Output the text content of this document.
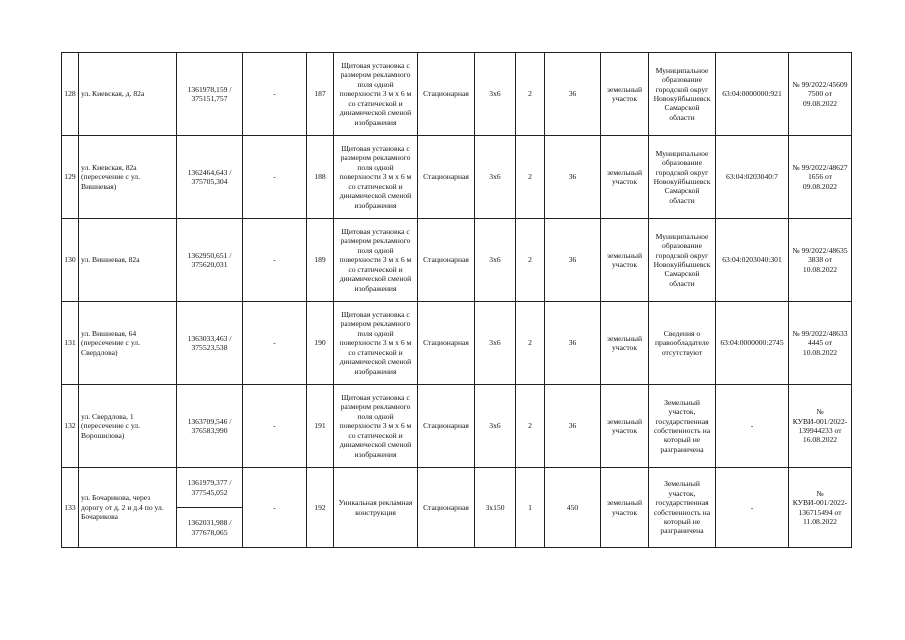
128	ул. Киевская, д. 82а	1361978,159 / 375151,757	-	187	Щитовая установка с размером рекламного поля одной поверхности 3 м х 6 м со статической и динамической сменой изображения	Стационарная	3х6	2	36	земельный участок	Муниципальное образование городской округ Новокуйбышевск Самарской области	63:04:0000000:921	№ 99/2022/45609 7500 от 09.08.2022
129	ул. Киевская, 82а (пересечение с ул. Вишневая)	1362464,643 / 375705,304	-	188	Щитовая установка с размером рекламного поля одной поверхности 3 м х 6 м со статической и динамической сменой изображения	Стационарная	3х6	2	36	земельный участок	Муниципальное образование городской округ Новокуйбышевск Самарской области	63:04:0203040:7	№ 99/2022/48627 1656 от 09.08.2022
130	ул. Вишневая, 82а	1362950,651 / 375620,031	-	189	Щитовая установка с размером рекламного поля одной поверхности 3 м х 6 м со статической и динамической сменой изображения	Стационарная	3х6	2	36	земельный участок	Муниципальное образование городской округ Новокуйбышевск Самарской области	63:04:0203040:301	№ 99/2022/48635 3838 от 10.08.2022
131	ул. Вишневая, 64 (пересечение с ул. Свердлова)	1363033,463 / 375523,538	-	190	Щитовая установка с размером рекламного поля одной поверхности 3 м х 6 м со статической и динамической сменой изображения	Стационарная	3х6	2	36	земельный участок	Сведения о правообладателе отсутствуют	63:04:0000000:2745	№ 99/2022/48633 4445 от 10.08.2022
132	ул. Свердлова, 1 (пересечение с ул. Ворошилова)	1363709,546 / 376583,990	-	191	Щитовая установка с размером рекламного поля одной поверхности 3 м х 6 м со статической и динамической сменой изображения	Стационарная	3х6	2	36	земельный участок	Земельный участок, государственная собственность на который не разграничена	-	№ КУВИ-001/2022-139944233 от 16.08.2022
133	ул. Бочарикова, через дорогу от д. 2 и д.4 по ул. Бочарикова	1361979,377 / 377545,052	-	192	Уникальная рекламная конструкция	Стационарная	3х150	1	450	земельный участок	Земельный участок, государственная собственность на который не разграничена	-	№ КУВИ-001/2022-136715494 от 11.08.2022
		1362031,988 / 377678,065											
